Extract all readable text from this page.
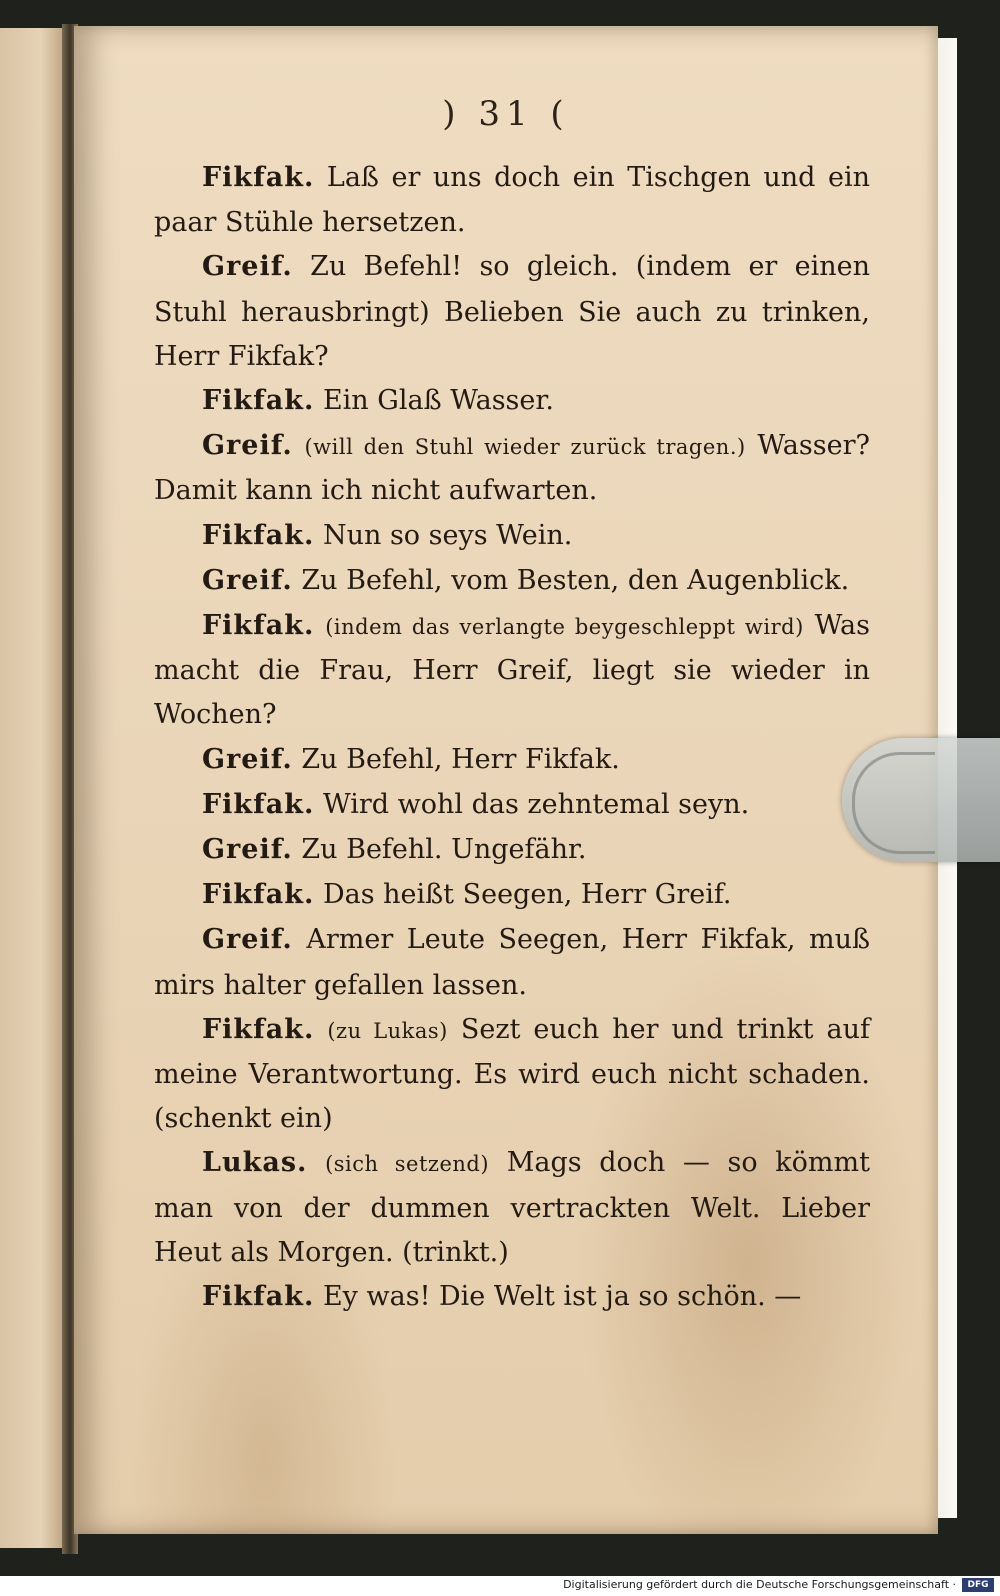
) 31 (

Fikfak. Laß er uns doch ein Tischgen und ein paar Stühle hersetzen.

Greif. Zu Befehl! so gleich. (indem er einen Stuhl herausbringt) Belieben Sie auch zu trinken, Herr Fikfak?

Fikfak. Ein Glaß Wasser.

Greif. (will den Stuhl wieder zurück tragen.) Wasser? Damit kann ich nicht aufwarten.

Fikfak. Nun so seys Wein.

Greif. Zu Befehl, vom Besten, den Augenblick.

Fikfak. (indem das verlangte beygeschleppt wird) Was macht die Frau, Herr Greif, liegt sie wieder in Wochen?

Greif. Zu Befehl, Herr Fikfak.

Fikfak. Wird wohl das zehntemal seyn.

Greif. Zu Befehl. Ungefähr.

Fikfak. Das heißt Seegen, Herr Greif.

Greif. Armer Leute Seegen, Herr Fikfak, muß mirs halter gefallen lassen.

Fikfak. (zu Lukas) Sezt euch her und trinkt auf meine Verantwortung. Es wird euch nicht schaden. (schenkt ein)

Lukas. (sich setzend) Mags doch — so kömmt man von der dummen vertrackten Welt. Lieber Heut als Morgen. (trinkt.)

Fikfak. Ey was! Die Welt ist ja so schön. —

Digitalisierung gefördert durch die Deutsche Forschungsgemeinschaft ·	DFG
